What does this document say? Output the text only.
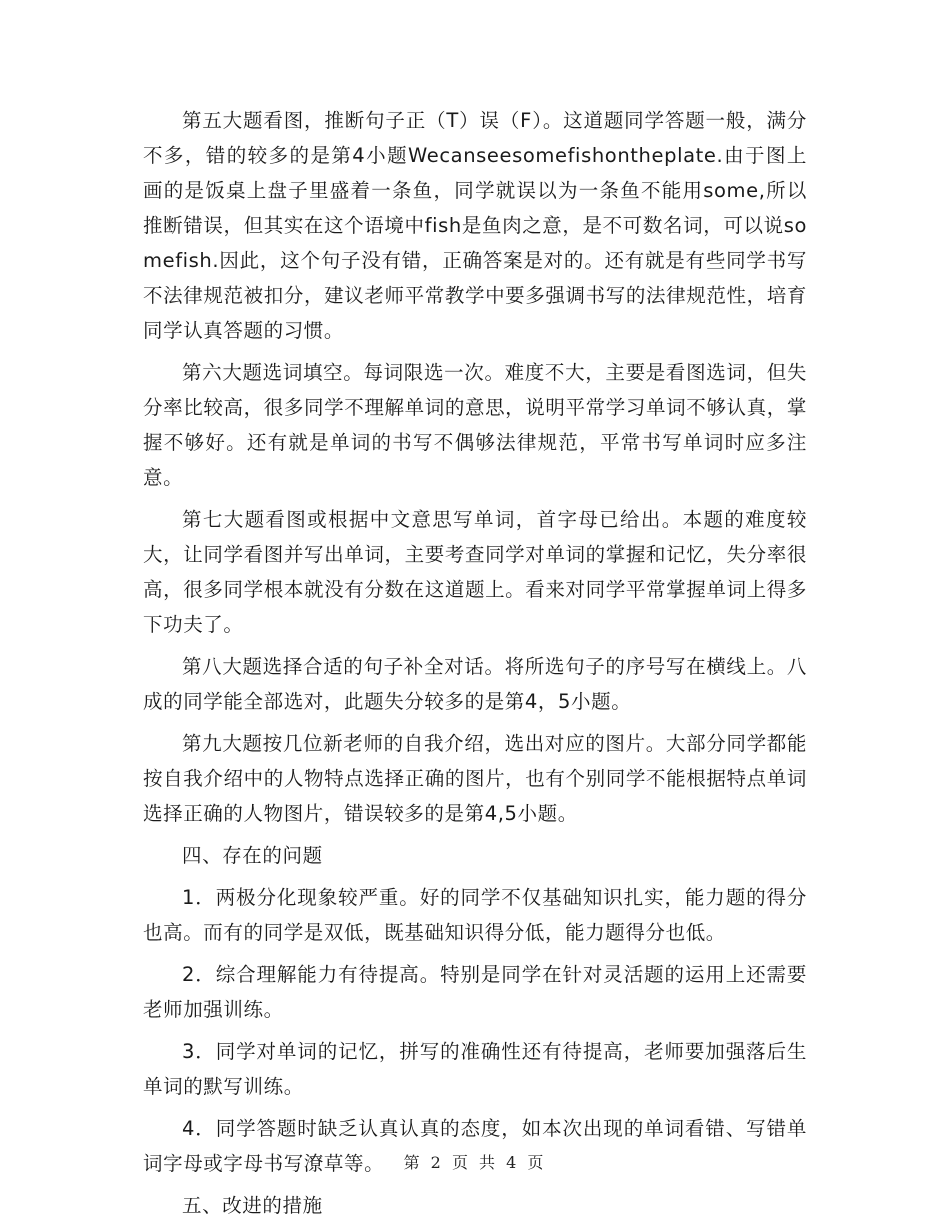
第五大题看图，推断句子正（T）误（F）。这道题同学答题一般，满分不多，错的较多的是第4小题Wecanseesomefishontheplate.由于图上画的是饭桌上盘子里盛着一条鱼，同学就误以为一条鱼不能用some,所以推断错误，但其实在这个语境中fish是鱼肉之意，是不可数名词，可以说somefish.因此，这个句子没有错，正确答案是对的。还有就是有些同学书写不法律规范被扣分，建议老师平常教学中要多强调书写的法律规范性，培育同学认真答题的习惯。

第六大题选词填空。每词限选一次。难度不大，主要是看图选词，但失分率比较高，很多同学不理解单词的意思，说明平常学习单词不够认真，掌握不够好。还有就是单词的书写不偶够法律规范，平常书写单词时应多注意。

第七大题看图或根据中文意思写单词，首字母已给出。本题的难度较大，让同学看图并写出单词，主要考查同学对单词的掌握和记忆，失分率很高，很多同学根本就没有分数在这道题上。看来对同学平常掌握单词上得多下功夫了。

第八大题选择合适的句子补全对话。将所选句子的序号写在横线上。八成的同学能全部选对，此题失分较多的是第4，5小题。

第九大题按几位新老师的自我介绍，选出对应的图片。大部分同学都能按自我介绍中的人物特点选择正确的图片，也有个别同学不能根据特点单词选择正确的人物图片，错误较多的是第4,5小题。

四、存在的问题

1．两极分化现象较严重。好的同学不仅基础知识扎实，能力题的得分也高。而有的同学是双低，既基础知识得分低，能力题得分也低。

2．综合理解能力有待提高。特别是同学在针对灵活题的运用上还需要老师加强训练。

3．同学对单词的记忆，拼写的准确性还有待提高，老师要加强落后生单词的默写训练。

4．同学答题时缺乏认真认真的态度，如本次出现的单词看错、写错单词字母或字母书写潦草等。

五、改进的措施

第 2 页 共 4 页
